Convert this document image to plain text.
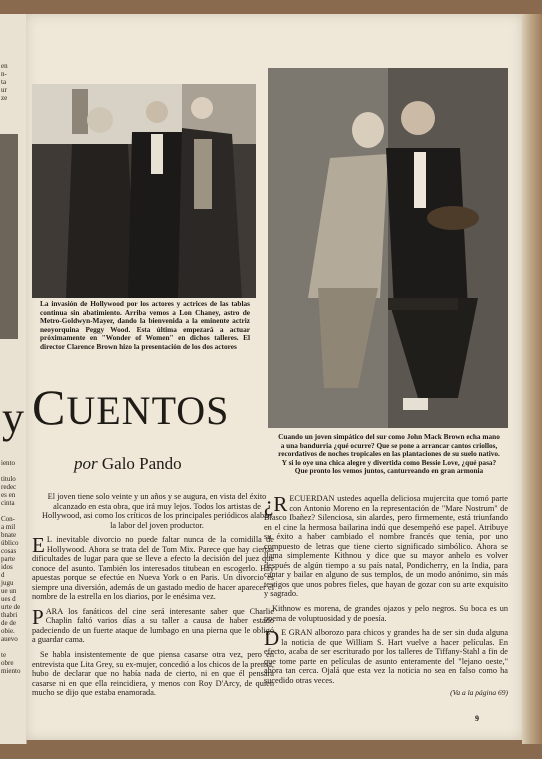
en
n-
ta
ur
ze
y
iento

titulo
redec
es en
cinta

Con-
a mil
bnate
úblico
cosas
parte
idos
d
jugu
ue un
ues d
urte de
thabri
de de
obie.
auevo

te
obre
miento
La invasión de Hollywood por los actores y actrices de las tablas continua sin abatimiento. Arriba vemos a Lon Chaney, astro de Metro-Goldwyn-Mayer, dando la bienvenida a la eminente actriz neoyorquina Peggy Wood. Esta última empezará a actuar próximamente en "Wonder of Women" en dichos talleres. El director Clarence Brown hizo la presentación de los dos actores
Cuando un joven simpático del sur como John Mack Brown echa mano a una bandurria ¿qué ocurre? Que se pone a arrancar cantos criollos, recordativos de noches tropicales en las plantaciones de su suelo nativo. Y si lo oye una chica alegre y divertida como Bessie Love, ¿qué pasa? Que pronto los vemos juntos, canturreando en gran armonia
CUENTOS
por Galo Pando
El joven tiene solo veinte y un años y se augura, en vista del éxito alcanzado en esta obra, que irá muy lejos. Todos los artistas de Hollywood, asi como los críticos de los principales periódicos alaban la labor del joven productor.

E L inevitable divorcio no puede faltar nunca de la comidilla de Hollywood. Ahora se trata del de Tom Mix. Parece que hay ciertas dificultades de lugar para que se lleve a efecto la decisión del juez que conoce del asunto. También los interesados titubean en escogerlo. Hay apuestas porque se efectúe en Nueva York o en Paris. Un divorcio es siempre una diversión, además de un gastado medio de hacer aparecer el nombre de la estrella en los diarios, por le enésima vez.

PARA los fanáticos del cine será interesante saber que Charlie Chaplin faltó varios días a su taller a causa de haber estado padeciendo de un fuerte ataque de lumbago en una pierna que le obligó a guardar cama.

Se habla insistentemente de que piensa casarse otra vez, pero en entrevista que Lita Grey, su ex-mujer, concedió a los chicos de la prensa, hubo de declarar que no había nada de cierto, ni en que él pensara casarse ni en que ella reincidiera, y menos con Roy D'Arcy, de quien mucho se dijo que estaba enamorada.

¿R ECUERDAN ustedes aquella deliciosa mujercita que tomó parte con Antonio Moreno en la representación de "Mare Nostrum" de Blasco Ibañez? Silenciosa, sin alardes, pero firmemente, está triunfando en el cine la hermosa bailarina indú que desempeñó ese papel. Atribuye su éxito a haber cambiado el nombre francés que tenía, por uno compuesto de letras que tiene cierto significado simbólico. Ahora se llama simplemente Kithnou y dice que su mayor anhelo es volver después de algún tiempo a su país natal, Pondicherry, en la India, para cantar y bailar en alguno de sus templos, de un modo anónimo, sin más testigos que unos pobres fieles, que hayan de gozar con su arte exquisito y sagrado.

Kithnow es morena, de grandes ojazos y pelo negros. Su boca es un poema de voluptuosidad y de poesía.

D E GRAN alborozo para chicos y grandes ha de ser sin duda alguna la noticia de que William S. Hart vuelve a hacer películas. En efecto, acaba de ser escriturado por los talleres de Tiffany-Stahl a fin de que tome parte en películas de asunto enteramente del "lejano oeste," ahora tan cerca. Ojalá que esta vez la noticia no sea en falso como ha sucedido otras veces.

(Va a la página 69)
9
